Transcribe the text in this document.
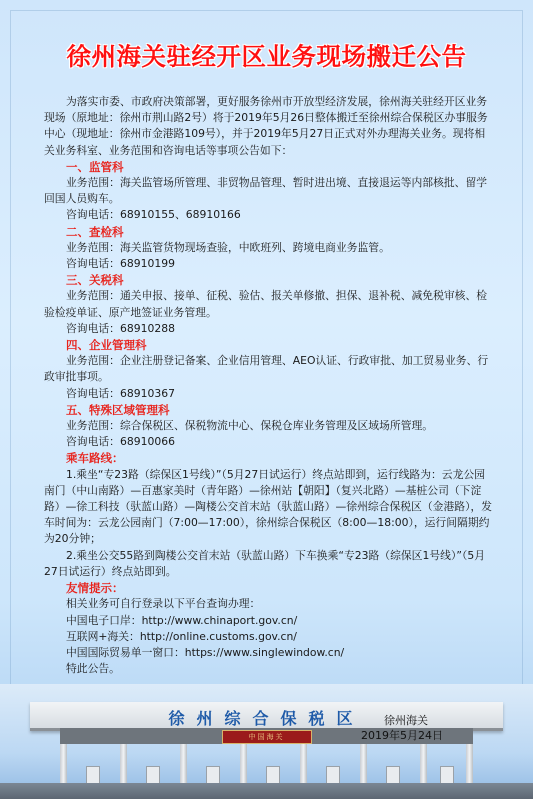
徐州海关驻经开区业务现场搬迁公告

为落实市委、市政府决策部署，更好服务徐州市开放型经济发展，徐州海关驻经开区业务现场（原地址：徐州市荆山路2号）将于2019年5月26日整体搬迁至徐州综合保税区办事服务中心（现地址：徐州市金港路109号），并于2019年5月27日正式对外办理海关业务。现将相关业务科室、业务范围和咨询电话等事项公告如下：

一、监管科

业务范围：海关监管场所管理、非贸物品管理、暂时进出境、直接退运等内部核批、留学回国人员购车。

咨询电话：68910155、68910166

二、查检科

业务范围：海关监管货物现场查验，中欧班列、跨境电商业务监管。

咨询电话：68910199

三、关税科

业务范围：通关申报、接单、征税、验估、报关单修撤、担保、退补税、减免税审核、检验检疫单证、原产地签证业务管理。

咨询电话：68910288

四、企业管理科

业务范围：企业注册登记备案、企业信用管理、AEO认证、行政审批、加工贸易业务、行政审批事项。

咨询电话：68910367

五、特殊区域管理科

业务范围：综合保税区、保税物流中心、保税仓库业务管理及区域场所管理。

咨询电话：68910066

乘车路线：

1.乘坐“专23路（综保区1号线）”（5月27日试运行）终点站即到，运行线路为：云龙公园南门（中山南路）—百惠家美时（青年路）—徐州站【朝阳】（复兴北路）—基桩公司（下淀路）—徐工科技（驮蓝山路）—陶楼公交首末站（驮蓝山路）—徐州综合保税区（金港路），发车时间为：云龙公园南门（7:00—17:00），徐州综合保税区（8:00—18:00），运行间隔期约为20分钟；

2.乘坐公交55路到陶楼公交首末站（驮蓝山路）下车换乘“专23路（综保区1号线）”（5月27日试运行）终点站即到。

友情提示：

相关业务可自行登录以下平台查询办理：

中国电子口岸：http://www.chinaport.gov.cn/

互联网+海关：http://online.customs.gov.cn/

中国国际贸易单一窗口：https://www.singlewindow.cn/

特此公告。

徐州综合保税区
中国海关
徐州海关
2019年5月24日
